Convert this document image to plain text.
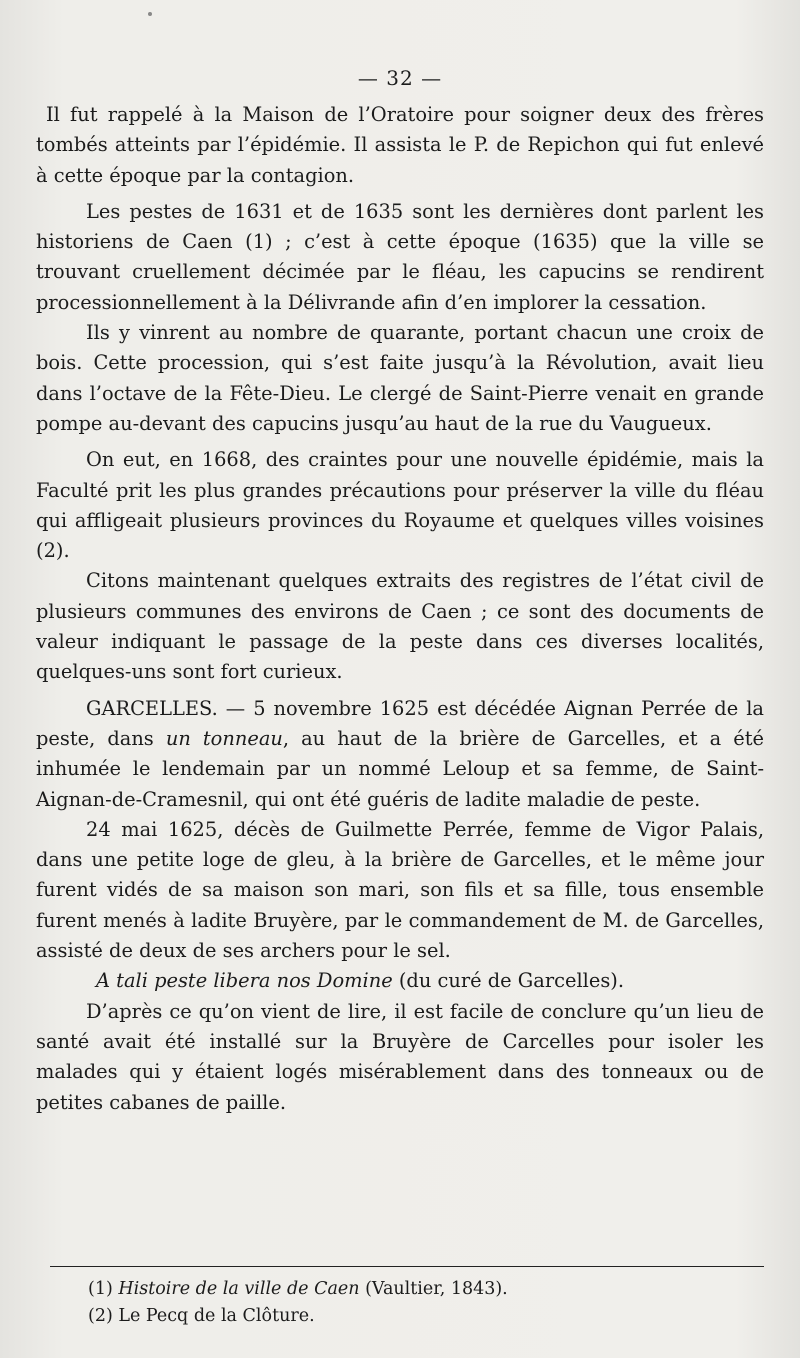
— 32 —

Il fut rappelé à la Maison de l’Oratoire pour soigner deux des frères tombés atteints par l’épidémie. Il assista le P. de Repichon qui fut enlevé à cette époque par la contagion.

Les pestes de 1631 et de 1635 sont les dernières dont parlent les historiens de Caen (1) ; c’est à cette époque (1635) que la ville se trouvant cruellement décimée par le fléau, les capucins se rendirent processionnellement à la Délivrande afin d’en implorer la cessation.

Ils y vinrent au nombre de quarante, portant chacun une croix de bois. Cette procession, qui s’est faite jusqu’à la Révolution, avait lieu dans l’octave de la Fête-Dieu. Le clergé de Saint-Pierre venait en grande pompe au-devant des capucins jusqu’au haut de la rue du Vaugueux.

On eut, en 1668, des craintes pour une nouvelle épidémie, mais la Faculté prit les plus grandes précautions pour préserver la ville du fléau qui affligeait plusieurs provinces du Royaume et quelques villes voisines (2).

Citons maintenant quelques extraits des registres de l’état civil de plusieurs communes des environs de Caen ; ce sont des documents de valeur indiquant le passage de la peste dans ces diverses localités, quelques-uns sont fort curieux.

GARCELLES. — 5 novembre 1625 est décédée Aignan Perrée de la peste, dans un tonneau, au haut de la brière de Garcelles, et a été inhumée le lendemain par un nommé Leloup et sa femme, de Saint-Aignan-de-Cramesnil, qui ont été guéris de ladite maladie de peste.

24 mai 1625, décès de Guilmette Perrée, femme de Vigor Palais, dans une petite loge de gleu, à la brière de Garcelles, et le même jour furent vidés de sa maison son mari, son fils et sa fille, tous ensemble furent menés à ladite Bruyère, par le commandement de M. de Garcelles, assisté de deux de ses archers pour le sel.

A tali peste libera nos Domine (du curé de Garcelles).

D’après ce qu’on vient de lire, il est facile de conclure qu’un lieu de santé avait été installé sur la Bruyère de Carcelles pour isoler les malades qui y étaient logés misérablement dans des tonneaux ou de petites cabanes de paille.

(1) Histoire de la ville de Caen (Vaultier, 1843).
(2) Le Pecq de la Clôture.
